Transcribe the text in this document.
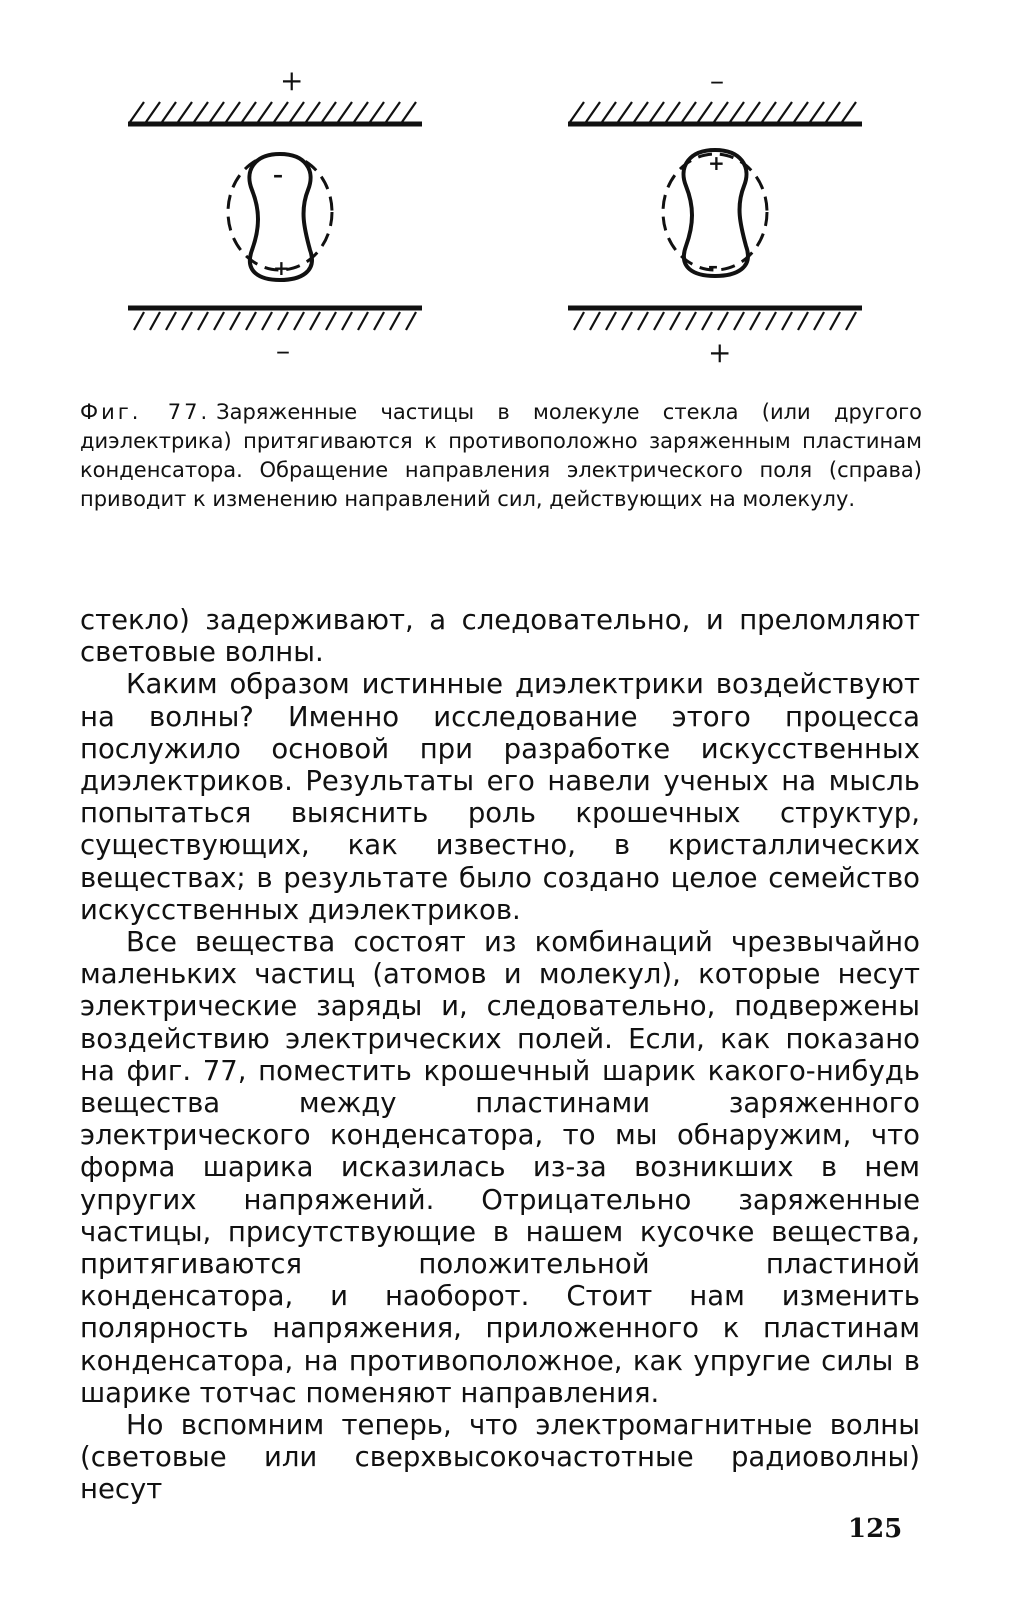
+
–
+
–
–
+
–
+

Фиг. 77. Заряженные частицы в молекуле стекла (или другого диэлектрика) притягиваются к противоположно заряженным пластинам конденсатора. Обращение направления электрического поля (справа) приводит к изменению направлений сил, действующих на молекулу.

стекло) задерживают, а следовательно, и преломляют световые волны.

Каким образом истинные диэлектрики воздействуют на волны? Именно исследование этого процесса послужило основой при разработке искусственных диэлектриков. Результаты его навели ученых на мысль попытаться выяснить роль крошечных структур, существующих, как известно, в кристаллических веществах; в результате было создано целое семейство искусственных диэлектриков.

Все вещества состоят из комбинаций чрезвычайно маленьких частиц (атомов и молекул), которые несут электрические заряды и, следовательно, подвержены воздействию электрических полей. Если, как показано на фиг. 77, поместить крошечный шарик какого-нибудь вещества между пластинами заряженного электрического конденсатора, то мы обнаружим, что форма шарика исказилась из-за возникших в нем упругих напряжений. Отрицательно заряженные частицы, присутствующие в нашем кусочке вещества, притягиваются положительной пластиной конденсатора, и наоборот. Стоит нам изменить полярность напряжения, приложенного к пластинам конденсатора, на противоположное, как упругие силы в шарике тотчас поменяют направления.

Но вспомним теперь, что электромагнитные волны (световые или сверхвысокочастотные радиоволны) несут

125
